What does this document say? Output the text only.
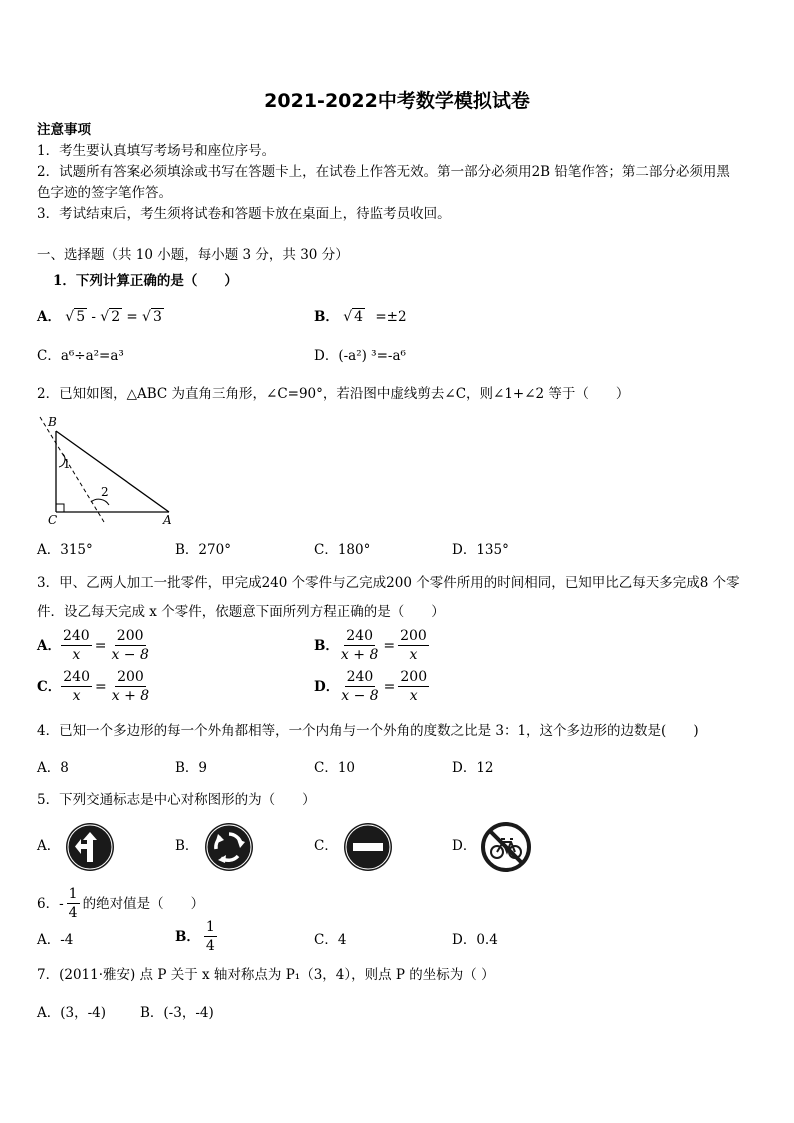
2021-2022中考数学模拟试卷
注意事项
1．考生要认真填写考场号和座位序号。
2．试题所有答案必须填涂或书写在答题卡上，在试卷上作答无效。第一部分必须用2B 铅笔作答；第二部分必须用黑
色字迹的签字笔作答。
3．考试结束后，考生须将试卷和答题卡放在桌面上，待监考员收回。
一、选择题（共 10 小题，每小题 3 分，共 30 分）
1．下列计算正确的是（　　）
A． √ 5 - √ 2 = √ 3	B． √ 4 =±2
C．a⁶÷a²=a³	D．(-a²) ³=-a⁶
2．已知如图，△ABC 为直角三角形，∠C=90°，若沿图中虚线剪去∠C，则∠1+∠2 等于（　　）
B
C	A
1
2
A．315°	B．270°	C．180°	D．135°
3．甲、乙两人加工一批零件，甲完成240 个零件与乙完成200 个零件所用的时间相同，已知甲比乙每天多完成8 个零
件．设乙每天完成 x 个零件，依题意下面所列方程正确的是（　　）
A． $\frac{240}{x} = \frac{200}{x - 8}$	B． $\frac{240}{x + 8} = \frac{200}{x}$
C． $\frac{240}{x} = \frac{200}{x + 8}$	D． $\frac{240}{x - 8} = \frac{200}{x}$
4．已知一个多边形的每一个外角都相等，一个内角与一个外角的度数之比是 3：1，这个多边形的边数是(　　)
A．8	B．9	C．10	D．12
5．下列交通标志是中心对称图形的为（　　）
A．	B．	C．	D．
6．- $\frac{1}{4}$ 的绝对值是（　　）
A．-4	B． $\frac{1}{4}$	C．4	D．0.4
7．(2011·雅安) 点 P 关于 x 轴对称点为 P₁（3，4），则点 P 的坐标为（ ）
A．(3，-4)	B．(-3，-4)
